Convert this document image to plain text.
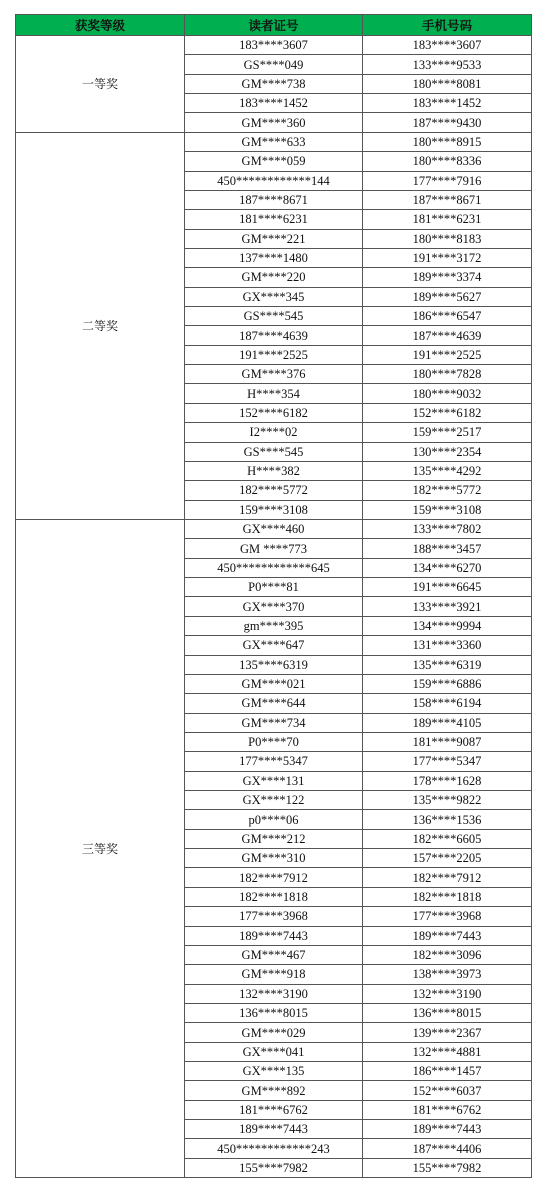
获奖等级	读者证号	手机号码
一等奖	183****3607	183****3607
	GS****049	133****9533
	GM****738	180****8081
	183****1452	183****1452
	GM****360	187****9430
二等奖	GM****633	180****8915
	GM****059	180****8336
	450************144	177****7916
	187****8671	187****8671
	181****6231	181****6231
	GM****221	180****8183
	137****1480	191****3172
	GM****220	189****3374
	GX****345	189****5627
	GS****545	186****6547
	187****4639	187****4639
	191****2525	191****2525
	GM****376	180****7828
	H****354	180****9032
	152****6182	152****6182
	I2****02	159****2517
	GS****545	130****2354
	H****382	135****4292
	182****5772	182****5772
	159****3108	159****3108
三等奖	GX****460	133****7802
	GM ****773	188****3457
	450************645	134****6270
	P0****81	191****6645
	GX****370	133****3921
	gm****395	134****9994
	GX****647	131****3360
	135****6319	135****6319
	GM****021	159****6886
	GM****644	158****6194
	GM****734	189****4105
	P0****70	181****9087
	177****5347	177****5347
	GX****131	178****1628
	GX****122	135****9822
	p0****06	136****1536
	GM****212	182****6605
	GM****310	157****2205
	182****7912	182****7912
	182****1818	182****1818
	177****3968	177****3968
	189****7443	189****7443
	GM****467	182****3096
	GM****918	138****3973
	132****3190	132****3190
	136****8015	136****8015
	GM****029	139****2367
	GX****041	132****4881
	GX****135	186****1457
	GM****892	152****6037
	181****6762	181****6762
	189****7443	189****7443
	450************243	187****4406
	155****7982	155****7982
